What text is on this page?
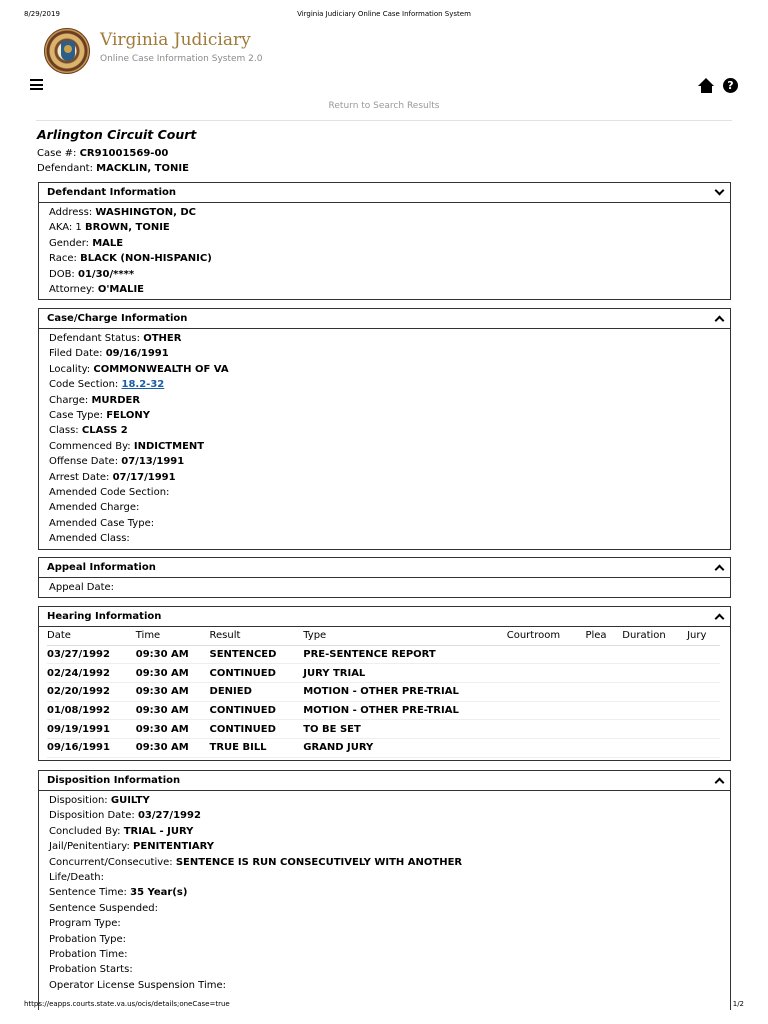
8/29/2019	Virginia Judiciary Online Case Information System
Virginia Judiciary
Online Case Information System 2.0
?
Return to Search Results
Arlington Circuit Court
Case #: CR91001569-00
Defendant: MACKLIN, TONIE
Defendant Information
Address: WASHINGTON, DC
AKA: 1 BROWN, TONIE
Gender: MALE
Race: BLACK (NON-HISPANIC)
DOB: 01/30/****
Attorney: O'MALIE
Case/Charge Information
Defendant Status: OTHER
Filed Date: 09/16/1991
Locality: COMMONWEALTH OF VA
Code Section: 18.2-32
Charge: MURDER
Case Type: FELONY
Class: CLASS 2
Commenced By: INDICTMENT
Offense Date: 07/13/1991
Arrest Date: 07/17/1991
Amended Code Section:
Amended Charge:
Amended Case Type:
Amended Class:
Appeal Information
Appeal Date:
Hearing Information
Date	Time	Result	Type	Courtroom	Plea	Duration	Jury
03/27/1992	09:30 AM	SENTENCED	PRE-SENTENCE REPORT				
02/24/1992	09:30 AM	CONTINUED	JURY TRIAL				
02/20/1992	09:30 AM	DENIED	MOTION - OTHER PRE-TRIAL				
01/08/1992	09:30 AM	CONTINUED	MOTION - OTHER PRE-TRIAL				
09/19/1991	09:30 AM	CONTINUED	TO BE SET				
09/16/1991	09:30 AM	TRUE BILL	GRAND JURY				
Disposition Information
Disposition: GUILTY
Disposition Date: 03/27/1992
Concluded By: TRIAL - JURY
Jail/Penitentiary: PENITENTIARY
Concurrent/Consecutive: SENTENCE IS RUN CONSECUTIVELY WITH ANOTHER
Life/Death:
Sentence Time: 35 Year(s)
Sentence Suspended:
Program Type:
Probation Type:
Probation Time:
Probation Starts:
Operator License Suspension Time:
https://eapps.courts.state.va.us/ocis/details;oneCase=true	1/2
